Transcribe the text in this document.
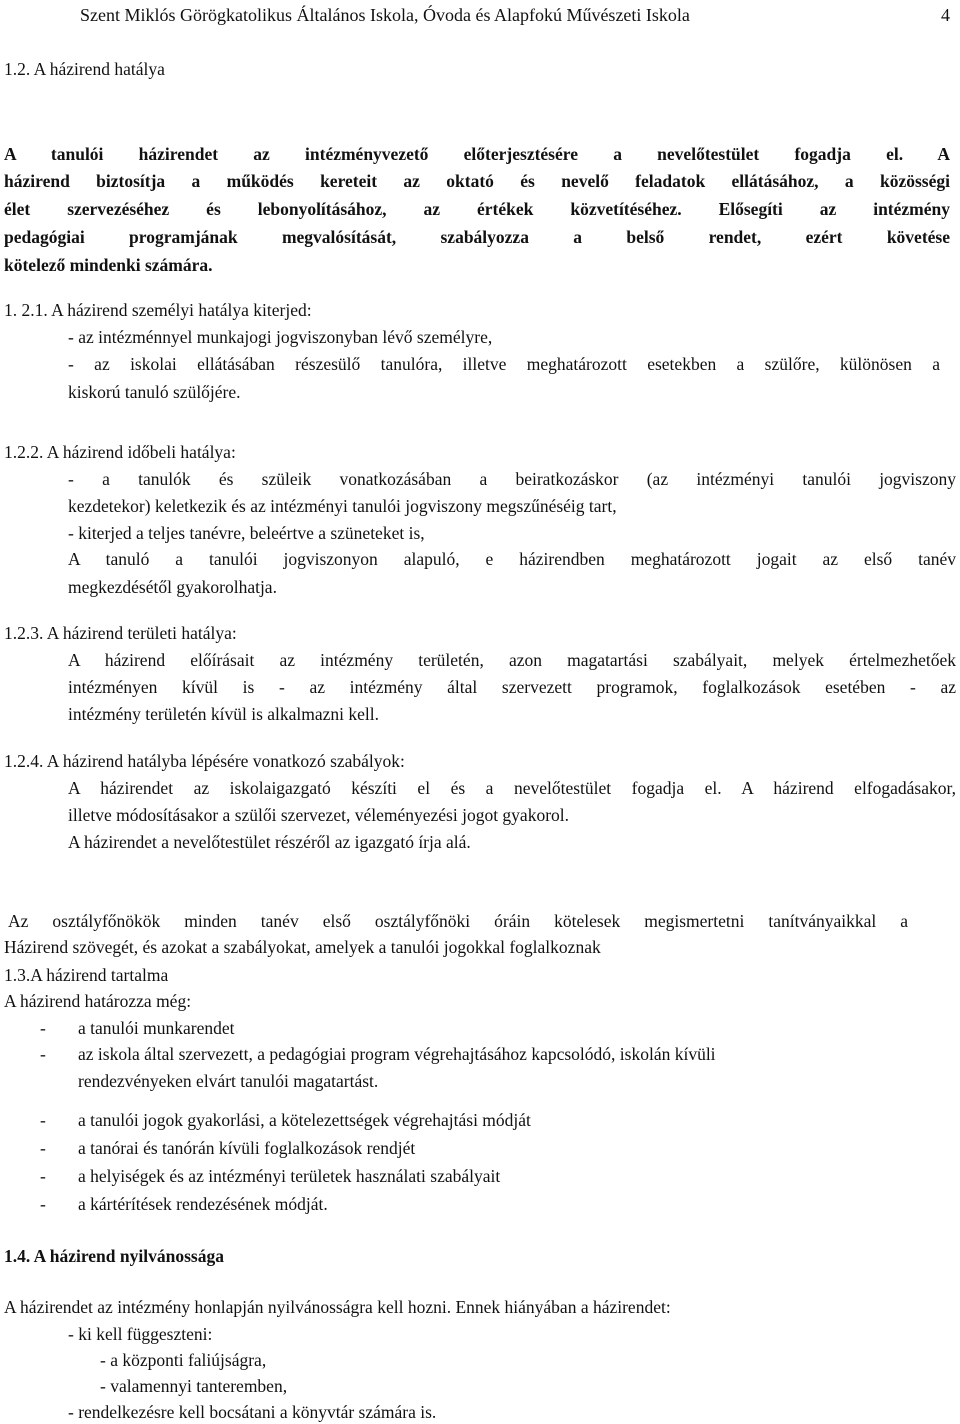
Szent Miklós Görögkatolikus Általános Iskola, Óvoda és Alapfokú Művészeti Iskola	4
1.2. A házirend hatálya
A tanulói házirendet az intézményvezető előterjesztésére a nevelőtestület fogadja el. A
házirend biztosítja a működés kereteit az oktató és nevelő feladatok ellátásához, a közösségi
élet szervezéséhez és lebonyolításához, az értékek közvetítéséhez. Elősegíti az intézmény
pedagógiai programjának megvalósítását, szabályozza a belső rendet, ezért követése
kötelező mindenki számára.
1. 2.1. A házirend személyi hatálya kiterjed:
- az intézménnyel munkajogi jogviszonyban lévő személyre,
- az iskolai ellátásában részesülő tanulóra, illetve meghatározott esetekben a szülőre, különösen a
kiskorú tanuló szülőjére.
1.2.2. A házirend időbeli hatálya:
- a tanulók és szüleik vonatkozásában a beiratkozáskor (az intézményi tanulói jogviszony
kezdetekor) keletkezik és az intézményi tanulói jogviszony megszűnéséig tart,
- kiterjed a teljes tanévre, beleértve a szüneteket is,
A tanuló a tanulói jogviszonyon alapuló, e házirendben meghatározott jogait az első tanév
megkezdésétől gyakorolhatja.
1.2.3. A házirend területi hatálya:
A házirend előírásait az intézmény területén, azon magatartási szabályait, melyek értelmezhetőek
intézményen kívül is - az intézmény által szervezett programok, foglalkozások esetében - az
intézmény területén kívül is alkalmazni kell.
1.2.4. A házirend hatályba lépésére vonatkozó szabályok:
A házirendet az iskolaigazgató készíti el és a nevelőtestület fogadja el. A házirend elfogadásakor,
illetve módosításakor a szülői szervezet, véleményezési jogot gyakorol.
A házirendet a nevelőtestület részéről az igazgató írja alá.
Az osztályfőnökök minden tanév első osztályfőnöki óráin kötelesek megismertetni tanítványaikkal a
Házirend szövegét, és azokat a szabályokat, amelyek a tanulói jogokkal foglalkoznak
1.3.A házirend tartalma
A házirend határozza még:
- a tanulói munkarendet
- az iskola által szervezett, a pedagógiai program végrehajtásához kapcsolódó, iskolán kívüli
rendezvényeken elvárt tanulói magatartást.
- a tanulói jogok gyakorlási, a kötelezettségek végrehajtási módját
- a tanórai és tanórán kívüli foglalkozások rendjét
- a helyiségek és az intézményi területek használati szabályait
- a kártérítések rendezésének módját.
1.4. A házirend nyilvánossága
A házirendet az intézmény honlapján nyilvánosságra kell hozni. Ennek hiányában a házirendet:
- ki kell függeszteni:
- a központi faliújságra,
- valamennyi tanteremben,
- rendelkezésre kell bocsátani a könyvtár számára is.
